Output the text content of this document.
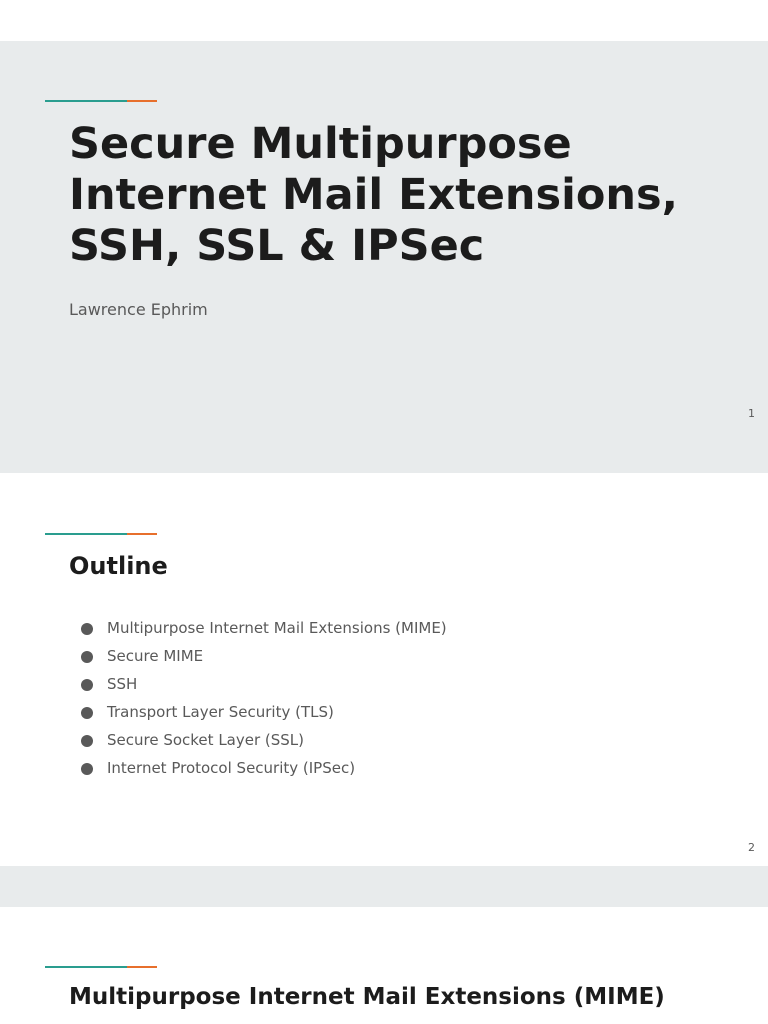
Secure Multipurpose Internet Mail Extensions, SSH, SSL & IPSec
Lawrence Ephrim
1
Outline
Multipurpose Internet Mail Extensions (MIME)
Secure MIME
SSH
Transport Layer Security (TLS)
Secure Socket Layer (SSL)
Internet Protocol Security (IPSec)
2
Multipurpose Internet Mail Extensions (MIME)
